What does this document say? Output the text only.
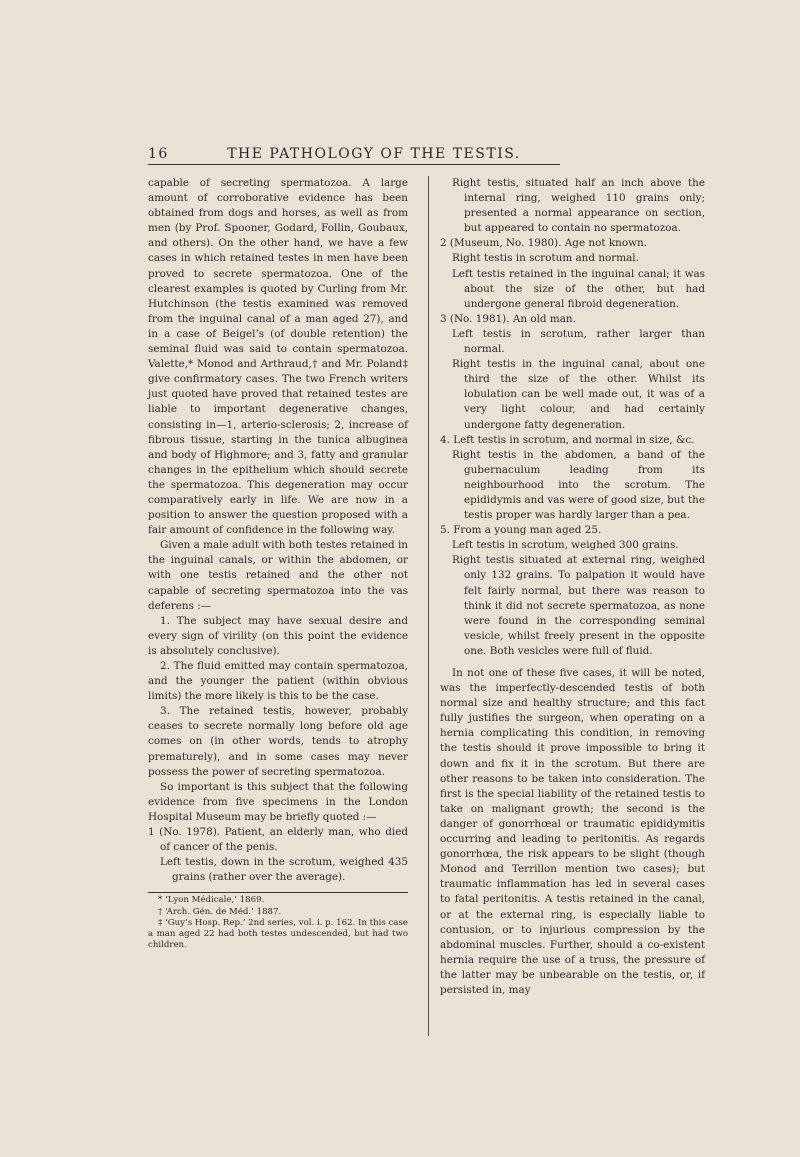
16	THE PATHOLOGY OF THE TESTIS.

capable of secreting spermatozoa. A large amount of corroborative evidence has been obtained from dogs and horses, as well as from men (by Prof. Spooner, Godard, Follin, Goubaux, and others). On the other hand, we have a few cases in which retained testes in men have been proved to secrete spermatozoa. One of the clearest examples is quoted by Curling from Mr. Hutchinson (the testis examined was removed from the inguinal canal of a man aged 27), and in a case of Beigel’s (of double retention) the seminal fluid was said to contain spermatozoa. Valette,* Monod and Arthraud,† and Mr. Poland‡ give confirmatory cases. The two French writers just quoted have proved that retained testes are liable to important degenerative changes, consisting in—1, arterio-sclerosis; 2, increase of fibrous tissue, starting in the tunica albuginea and body of Highmore; and 3, fatty and granular changes in the epithelium which should secrete the spermatozoa. This degeneration may occur comparatively early in life. We are now in a position to answer the question proposed with a fair amount of confidence in the following way.

Given a male adult with both testes retained in the inguinal canals, or within the abdomen, or with one testis retained and the other not capable of secreting spermatozoa into the vas deferens :—

1. The subject may have sexual desire and every sign of virility (on this point the evidence is absolutely conclusive).

2. The fluid emitted may contain spermatozoa, and the younger the patient (within obvious limits) the more likely is this to be the case.

3. The retained testis, however, probably ceases to secrete normally long before old age comes on (in other words, tends to atrophy prematurely), and in some cases may never possess the power of secreting spermatozoa.

So important is this subject that the following evidence from five specimens in the London Hospital Museum may be briefly quoted :—

1 (No. 1978). Patient, an elderly man, who died of cancer of the penis.

Left testis, down in the scrotum, weighed 435 grains (rather over the average).

* ‘Lyon Médicale,’ 1869.

† ‘Arch. Gén. de Méd.’ 1887.

‡ ‘Guy’s Hosp. Rep.’ 2nd series, vol. i. p. 162. In this case a man aged 22 had both testes undescended, but had two children.

Right testis, situated half an inch above the internal ring, weighed 110 grains only; presented a normal appearance on section, but appeared to contain no spermatozoa.

2 (Museum, No. 1980). Age not known.

Right testis in scrotum and normal.

Left testis retained in the inguinal canal; it was about the size of the other, but had undergone general fibroid degeneration.

3 (No. 1981). An old man.

Left testis in scrotum, rather larger than normal.

Right testis in the inguinal canal, about one third the size of the other. Whilst its lobulation can be well made out, it was of a very light colour, and had certainly undergone fatty degeneration.

4. Left testis in scrotum, and normal in size, &c.

Right testis in the abdomen, a band of the gubernaculum leading from its neighbourhood into the scrotum. The epididymis and vas were of good size, but the testis proper was hardly larger than a pea.

5. From a young man aged 25.

Left testis in scrotum, weighed 300 grains.

Right testis situated at external ring, weighed only 132 grains. To palpation it would have felt fairly normal, but there was reason to think it did not secrete spermatozoa, as none were found in the corresponding seminal vesicle, whilst freely present in the opposite one. Both vesicles were full of fluid.

In not one of these five cases, it will be noted, was the imperfectly-descended testis of both normal size and healthy structure; and this fact fully justifies the surgeon, when operating on a hernia complicating this condition, in removing the testis should it prove impossible to bring it down and fix it in the scrotum. But there are other reasons to be taken into consideration. The first is the special liability of the retained testis to take on malignant growth; the second is the danger of gonorrhœal or traumatic epididymitis occurring and leading to peritonitis. As regards gonorrhœa, the risk appears to be slight (though Monod and Terrillon mention two cases); but traumatic inflammation has led in several cases to fatal peritonitis. A testis retained in the canal, or at the external ring, is especially liable to contusion, or to injurious compression by the abdominal muscles. Further, should a co-existent hernia require the use of a truss, the pressure of the latter may be unbearable on the testis, or, if persisted in, may
